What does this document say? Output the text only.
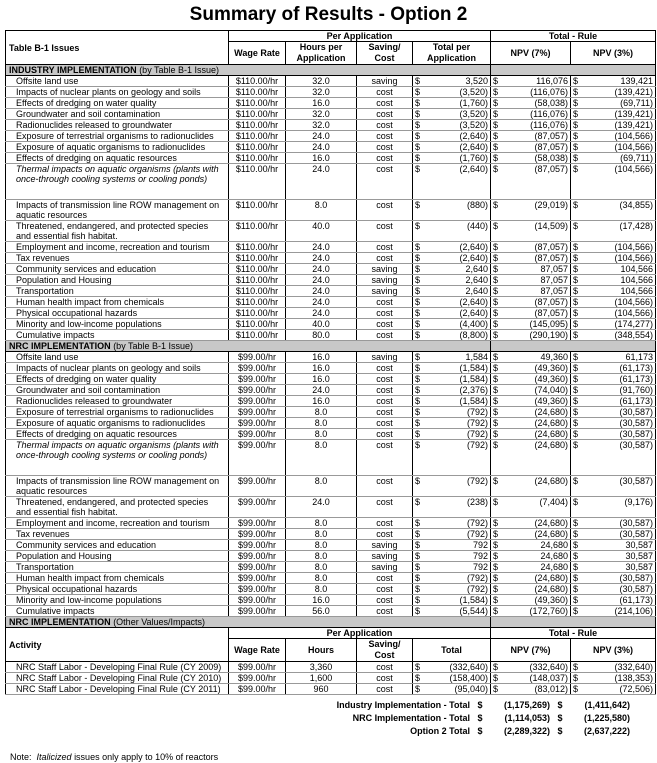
Summary of Results - Option 2
Table B-1 Issues	Per Application				Total - Rule	
	Wage Rate	Hours per Application	Saving/ Cost	Total per Application	NPV (7%)	NPV (3%)
INDUSTRY IMPLEMENTATION (by Table B-1 Issue)						
Offsite land use	$110.00/hr	32.0	saving	$ 3,520	$ 116,076	$ 139,421
Impacts of nuclear plants on geology and soils	$110.00/hr	32.0	cost	$ (3,520)	$ (116,076)	$ (139,421)
Effects of dredging on water quality	$110.00/hr	16.0	cost	$ (1,760)	$ (58,038)	$ (69,711)
Groundwater and soil contamination	$110.00/hr	32.0	cost	$ (3,520)	$ (116,076)	$ (139,421)
Radionuclides released to groundwater	$110.00/hr	32.0	cost	$ (3,520)	$ (116,076)	$ (139,421)
Exposure of terrestrial organisms to radionuclides	$110.00/hr	24.0	cost	$ (2,640)	$ (87,057)	$ (104,566)
Exposure of aquatic organisms to radionuclides	$110.00/hr	24.0	cost	$ (2,640)	$ (87,057)	$ (104,566)
Effects of dredging on aquatic resources	$110.00/hr	16.0	cost	$ (1,760)	$ (58,038)	$ (69,711)
Thermal impacts on aquatic organisms (plants with once-through cooling systems or cooling ponds)	$110.00/hr	24.0	cost	$ (2,640)	$ (87,057)	$ (104,566)
Impacts of transmission line ROW management on aquatic resources	$110.00/hr	8.0	cost	$ (880)	$ (29,019)	$ (34,855)
Threatened, endangered, and protected species and essential fish habitat.	$110.00/hr	40.0	cost	$ (440)	$ (14,509)	$ (17,428)
Employment and income, recreation and tourism	$110.00/hr	24.0	cost	$ (2,640)	$ (87,057)	$ (104,566)
Tax revenues	$110.00/hr	24.0	cost	$ (2,640)	$ (87,057)	$ (104,566)
Community services and education	$110.00/hr	24.0	saving	$ 2,640	$ 87,057	$ 104,566
Population and Housing	$110.00/hr	24.0	saving	$ 2,640	$ 87,057	$ 104,566
Transportation	$110.00/hr	24.0	saving	$ 2,640	$ 87,057	$ 104,566
Human health impact from chemicals	$110.00/hr	24.0	cost	$ (2,640)	$ (87,057)	$ (104,566)
Physical occupational hazards	$110.00/hr	24.0	cost	$ (2,640)	$ (87,057)	$ (104,566)
Minority and low-income populations	$110.00/hr	40.0	cost	$ (4,400)	$ (145,095)	$ (174,277)
Cumulative impacts	$110.00/hr	80.0	cost	$ (8,800)	$ (290,190)	$ (348,554)
NRC IMPLEMENTATION (by Table B-1 Issue)						
Offsite land use	$99.00/hr	16.0	saving	$ 1,584	$ 49,360	$ 61,173
Impacts of nuclear plants on geology and soils	$99.00/hr	16.0	cost	$ (1,584)	$ (49,360)	$ (61,173)
Effects of dredging on water quality	$99.00/hr	16.0	cost	$ (1,584)	$ (49,360)	$ (61,173)
Groundwater and soil contamination	$99.00/hr	24.0	cost	$ (2,376)	$ (74,040)	$ (91,760)
Radionuclides released to groundwater	$99.00/hr	16.0	cost	$ (1,584)	$ (49,360)	$ (61,173)
Exposure of terrestrial organisms to radionuclides	$99.00/hr	8.0	cost	$ (792)	$ (24,680)	$ (30,587)
Exposure of aquatic organisms to radionuclides	$99.00/hr	8.0	cost	$ (792)	$ (24,680)	$ (30,587)
Effects of dredging on aquatic resources	$99.00/hr	8.0	cost	$ (792)	$ (24,680)	$ (30,587)
Thermal impacts on aquatic organisms (plants with once-through cooling systems or cooling ponds)	$99.00/hr	8.0	cost	$ (792)	$ (24,680)	$ (30,587)
Impacts of transmission line ROW management on aquatic resources	$99.00/hr	8.0	cost	$ (792)	$ (24,680)	$ (30,587)
Threatened, endangered, and protected species and essential fish habitat.	$99.00/hr	24.0	cost	$ (238)	$ (7,404)	$ (9,176)
Employment and income, recreation and tourism	$99.00/hr	8.0	cost	$ (792)	$ (24,680)	$ (30,587)
Tax revenues	$99.00/hr	8.0	cost	$ (792)	$ (24,680)	$ (30,587)
Community services and education	$99.00/hr	8.0	saving	$ 792	$ 24,680	$ 30,587
Population and Housing	$99.00/hr	8.0	saving	$ 792	$ 24,680	$ 30,587
Transportation	$99.00/hr	8.0	saving	$ 792	$ 24,680	$ 30,587
Human health impact from chemicals	$99.00/hr	8.0	cost	$ (792)	$ (24,680)	$ (30,587)
Physical occupational hazards	$99.00/hr	8.0	cost	$ (792)	$ (24,680)	$ (30,587)
Minority and low-income populations	$99.00/hr	16.0	cost	$ (1,584)	$ (49,360)	$ (61,173)
Cumulative impacts	$99.00/hr	56.0	cost	$ (5,544)	$ (172,760)	$ (214,106)
NRC IMPLEMENTATION (Other Values/Impacts)						
Activity	Per Application				Total - Rule	
	Wage Rate	Hours	Saving/ Cost	Total	NPV (7%)	NPV (3%)
NRC Staff Labor - Developing Final Rule (CY 2009)	$99.00/hr	3,360	cost	$ (332,640)	$ (332,640)	$ (332,640)
NRC Staff Labor - Developing Final Rule (CY 2010)	$99.00/hr	1,600	cost	$ (158,400)	$ (148,037)	$ (138,353)
NRC Staff Labor - Developing Final Rule (CY 2011)	$99.00/hr	960	cost	$ (95,040)	$ (83,012)	$ (72,506)
Industry Implementation - Total $	(1,175,269) $	(1,411,642)
NRC Implementation - Total $	(1,114,053) $	(1,225,580)
Option 2 Total $	(2,289,322) $	(2,637,222)
Note: Italicized issues only apply to 10% of reactors
